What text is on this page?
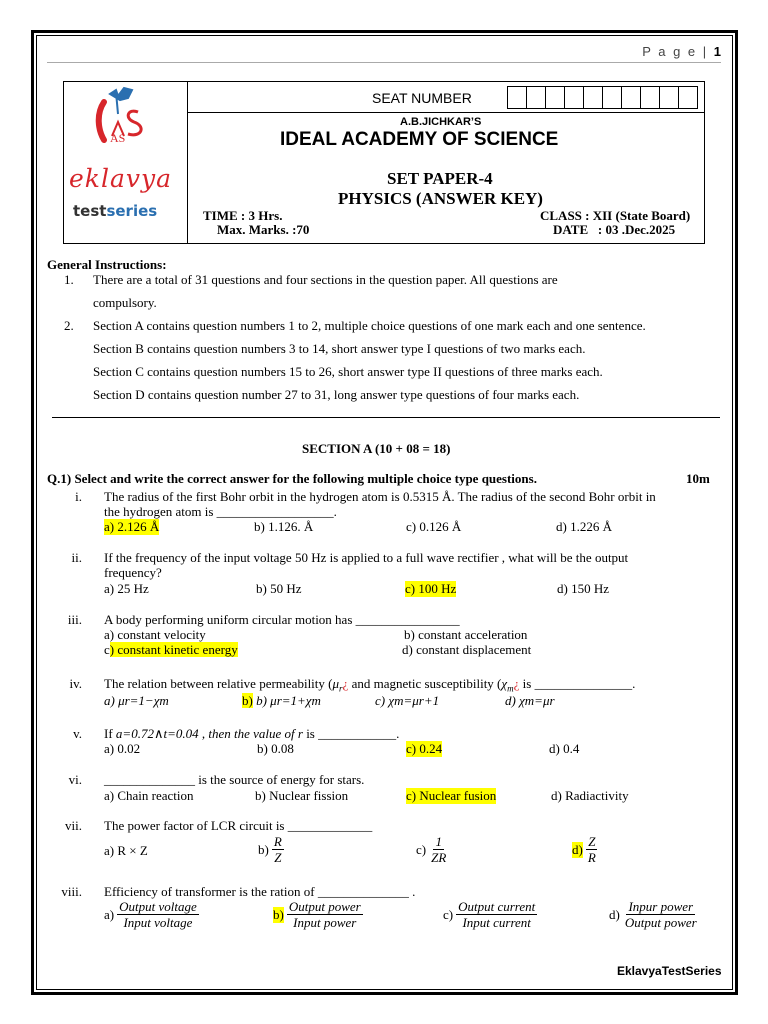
P a g e | 1
AS
eklavya
testseries
SEAT NUMBER
A.B.JICHKAR’S
IDEAL ACADEMY OF SCIENCE
SET PAPER-4
PHYSICS (ANSWER KEY)
TIME : 3 Hrs.
Max. Marks. :70
CLASS : XII (State Board)
DATE   : 03 .Dec.2025
General Instructions:
1. There are a total of 31 questions and four sections in the question paper. All questions are
compulsory.
2. Section A contains question numbers 1 to 2, multiple choice questions of one mark each and one sentence.
Section B contains question numbers 3 to 14, short answer type I questions of two marks each.
Section C contains question numbers 15 to 26, short answer type II questions of three marks each.
Section D contains question number 27 to 31, long answer type questions of four marks each.
SECTION A (10 + 08 = 18)
Q.1) Select and write the correct answer for the following multiple choice type questions.	10m
i. The radius of the first Bohr orbit in the hydrogen atom is 0.5315 Å. The radius of the second Bohr orbit in
the hydrogen atom is __________________.
a) 2.126 Å	b) 1.126. Å	c) 0.126 Å	d) 1.226 Å
ii. If the frequency of the input voltage 50 Hz is applied to a full wave rectifier , what will be the output
frequency?
a) 25 Hz	b) 50 Hz	c) 100 Hz	d) 150 Hz
iii. A body performing uniform circular motion has ________________
a) constant velocity	b) constant acceleration
c) constant kinetic energy	d) constant displacement
iv. The relation between relative permeability ($\mu_r¿$ and magnetic susceptibility ($\chi_m¿$ is _______________.
a) μr=1−χm	b) b) μr=1+χm	c) χm=μr+1	d) χm=μr
v. If a=0.72∧t=0.04 , then the value of r is ____________.
a) 0.02	b) 0.08	c) 0.24	d) 0.4
vi. ______________ is the source of energy for stars.
a) Chain reaction	b) Nuclear fission	c) Nuclear fusion	d) Radiactivity
vii. The power factor of LCR circuit is _____________
a) R × Z	$b) \frac{R}{Z}$	$c) \frac{1}{ZR}$	$d) \frac{Z}{R}$
viii. Efficiency of transformer is the ration of ______________ .
$a) \frac{\text{Output voltage}}{\text{Input voltage}}$	$b) \frac{\text{Output power}}{\text{Input power}}$	$c) \frac{\text{Output current}}{\text{Input current}}$	$d) \frac{\text{Inpur power}}{\text{Output power}}$
EklavyaTestSeries
